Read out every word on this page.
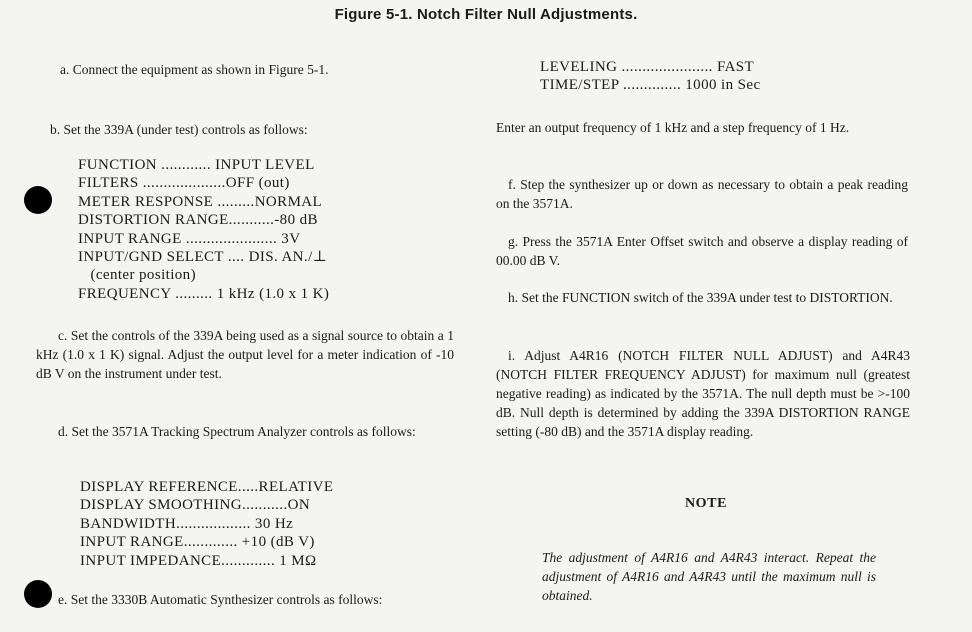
Figure 5-1. Notch Filter Null Adjustments.

a. Connect the equipment as shown in Figure 5-1.

b. Set the 339A (under test) controls as follows:

FUNCTION ............ INPUT LEVEL
FILTERS ....................OFF (out)
METER RESPONSE .........NORMAL
DISTORTION RANGE...........-80 dB
INPUT RANGE ...................... 3V
INPUT/GND SELECT .... DIS. AN./⊥
(center position)
FREQUENCY ......... 1 kHz (1.0 x 1 K)

c. Set the controls of the 339A being used as a signal source to obtain a 1 kHz (1.0 x 1 K) signal. Adjust the output level for a meter indication of -10 dB V on the instrument under test.

d. Set the 3571A Tracking Spectrum Analyzer controls as follows:

DISPLAY REFERENCE.....RELATIVE
DISPLAY SMOOTHING...........ON
BANDWIDTH.................. 30 Hz
INPUT RANGE............. +10 (dB V)
INPUT IMPEDANCE............. 1 MΩ

e. Set the 3330B Automatic Synthesizer controls as follows:

LEVELING ...................... FAST
TIME/STEP .............. 1000 in Sec

Enter an output frequency of 1 kHz and a step frequency of 1 Hz.

f. Step the synthesizer up or down as necessary to obtain a peak reading on the 3571A.

g. Press the 3571A Enter Offset switch and observe a display reading of 00.00 dB V.

h. Set the FUNCTION switch of the 339A under test to DISTORTION.

i. Adjust A4R16 (NOTCH FILTER NULL ADJUST) and A4R43 (NOTCH FILTER FREQUENCY ADJUST) for maximum null (greatest negative reading) as indicated by the 3571A. The null depth must be >-100 dB. Null depth is determined by adding the 339A DISTORTION RANGE setting (-80 dB) and the 3571A display reading.

NOTE

The adjustment of A4R16 and A4R43 interact. Repeat the adjustment of A4R16 and A4R43 until the maximum null is obtained.
